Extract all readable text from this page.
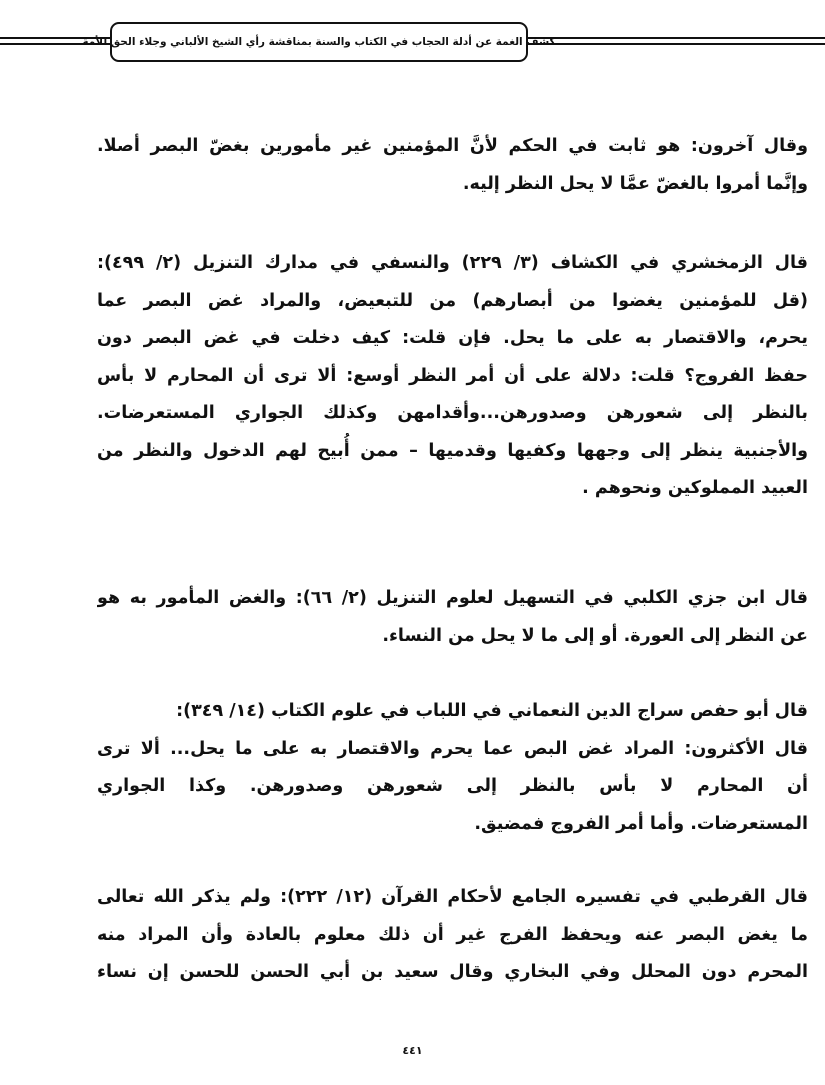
كشف الغمة عن أدلة الحجاب في الكتاب والسنة بمناقشة رأي الشيخ الألباني وجلاء الحق للأمة
وقال آخرون: هو ثابت في الحكم لأنَّ المؤمنين غير مأمورين بغضّ البصر أصلا.
وإنَّما أمروا بالغضّ عمَّا لا يحل النظر إليه.
قال الزمخشري في الكشاف (٣/ ٢٢٩) والنسفي في مدارك التنزيل (٢/ ٤٩٩):
(قل للمؤمنين يغضوا من أبصارهم) من للتبعيض، والمراد غض البصر عما
يحرم، والاقتصار به على ما يحل. فإن قلت: كيف دخلت في غض البصر دون
حفظ الفروج؟ قلت: دلالة على أن أمر النظر أوسع: ألا ترى أن المحارم لا بأس
بالنظر إلى شعورهن وصدورهن...وأقدامهن وكذلك الجواري المستعرضات.
والأجنبية ينظر إلى وجهها وكفيها وقدميها – ممن أُبيح لهم الدخول والنظر من
العبيد المملوكين ونحوهم .
قال ابن جزي الكلبي في التسهيل لعلوم التنزيل (٢/ ٦٦): والغض المأمور به هو
عن النظر إلى العورة. أو إلى ما لا يحل من النساء.
قال أبو حفص سراج الدين النعماني في اللباب في علوم الكتاب (١٤/ ٣٤٩):
قال الأكثرون: المراد غض البص عما يحرم والاقتصار به على ما يحل... ألا ترى
أن المحارم لا بأس بالنظر إلى شعورهن وصدورهن. وكذا الجواري
المستعرضات. وأما أمر الفروج فمضيق.
قال القرطبي في تفسيره الجامع لأحكام القرآن (١٢/ ٢٢٢): ولم يذكر الله تعالى
ما يغض البصر عنه ويحفظ الفرج غير أن ذلك معلوم بالعادة وأن المراد منه
المحرم دون المحلل وفي البخاري وقال سعيد بن أبي الحسن للحسن إن نساء
٤٤١
